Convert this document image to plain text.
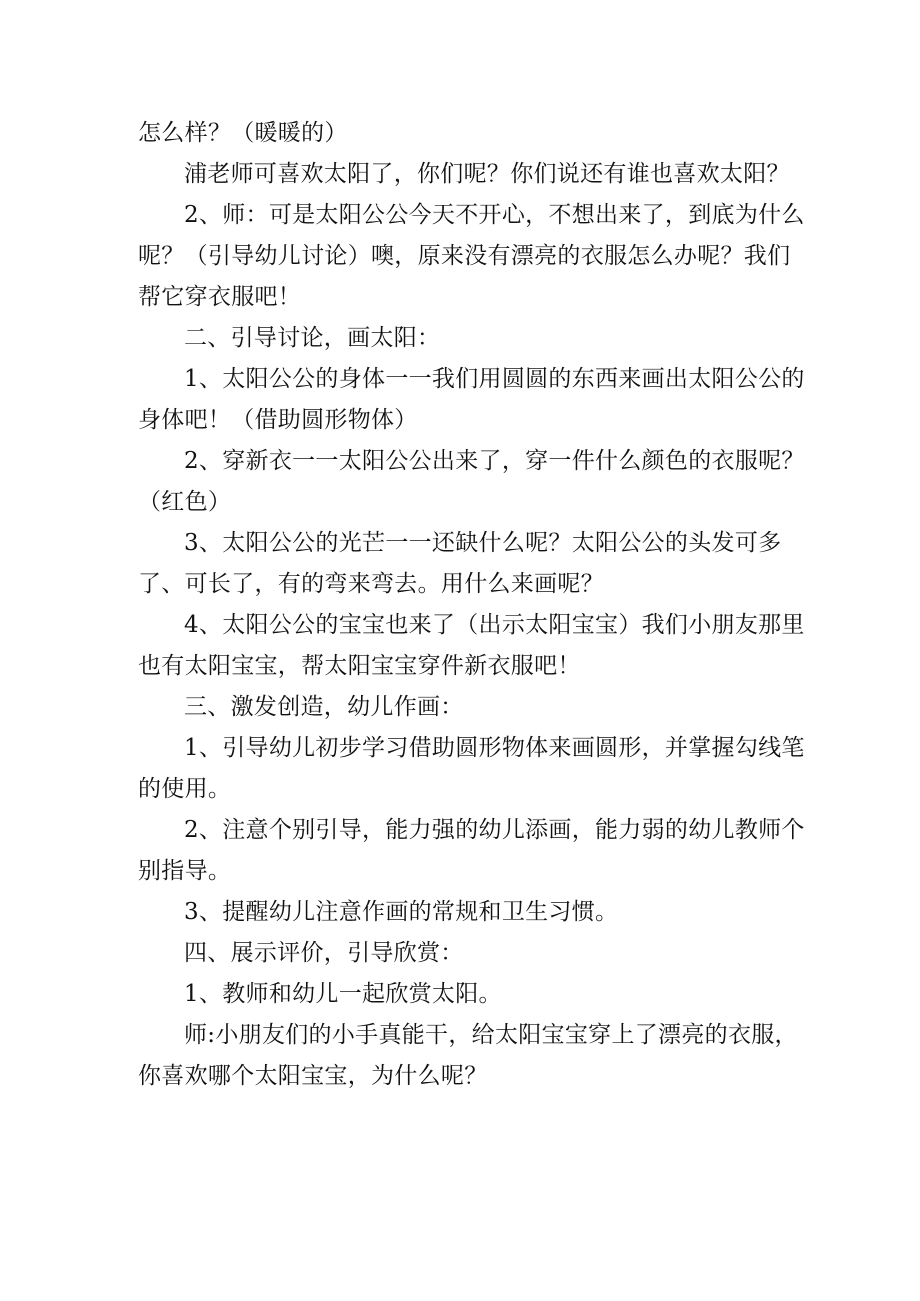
怎么样？（暖暖的）

浦老师可喜欢太阳了，你们呢？你们说还有谁也喜欢太阳？

2、师：可是太阳公公今天不开心，不想出来了，到底为什么呢？（引导幼儿讨论）噢，原来没有漂亮的衣服怎么办呢？我们帮它穿衣服吧！

二、引导讨论，画太阳：

1、太阳公公的身体一一我们用圆圆的东西来画出太阳公公的身体吧！（借助圆形物体）

2、穿新衣一一太阳公公出来了，穿一件什么颜色的衣服呢？（红色）

3、太阳公公的光芒一一还缺什么呢？太阳公公的头发可多了、可长了，有的弯来弯去。用什么来画呢？

4、太阳公公的宝宝也来了（出示太阳宝宝）我们小朋友那里也有太阳宝宝，帮太阳宝宝穿件新衣服吧！

三、激发创造，幼儿作画：

1、引导幼儿初步学习借助圆形物体来画圆形，并掌握勾线笔的使用。

2、注意个别引导，能力强的幼儿添画，能力弱的幼儿教师个别指导。

3、提醒幼儿注意作画的常规和卫生习惯。

四、展示评价，引导欣赏：

1、教师和幼儿一起欣赏太阳。

师:小朋友们的小手真能干，给太阳宝宝穿上了漂亮的衣服，你喜欢哪个太阳宝宝，为什么呢？
